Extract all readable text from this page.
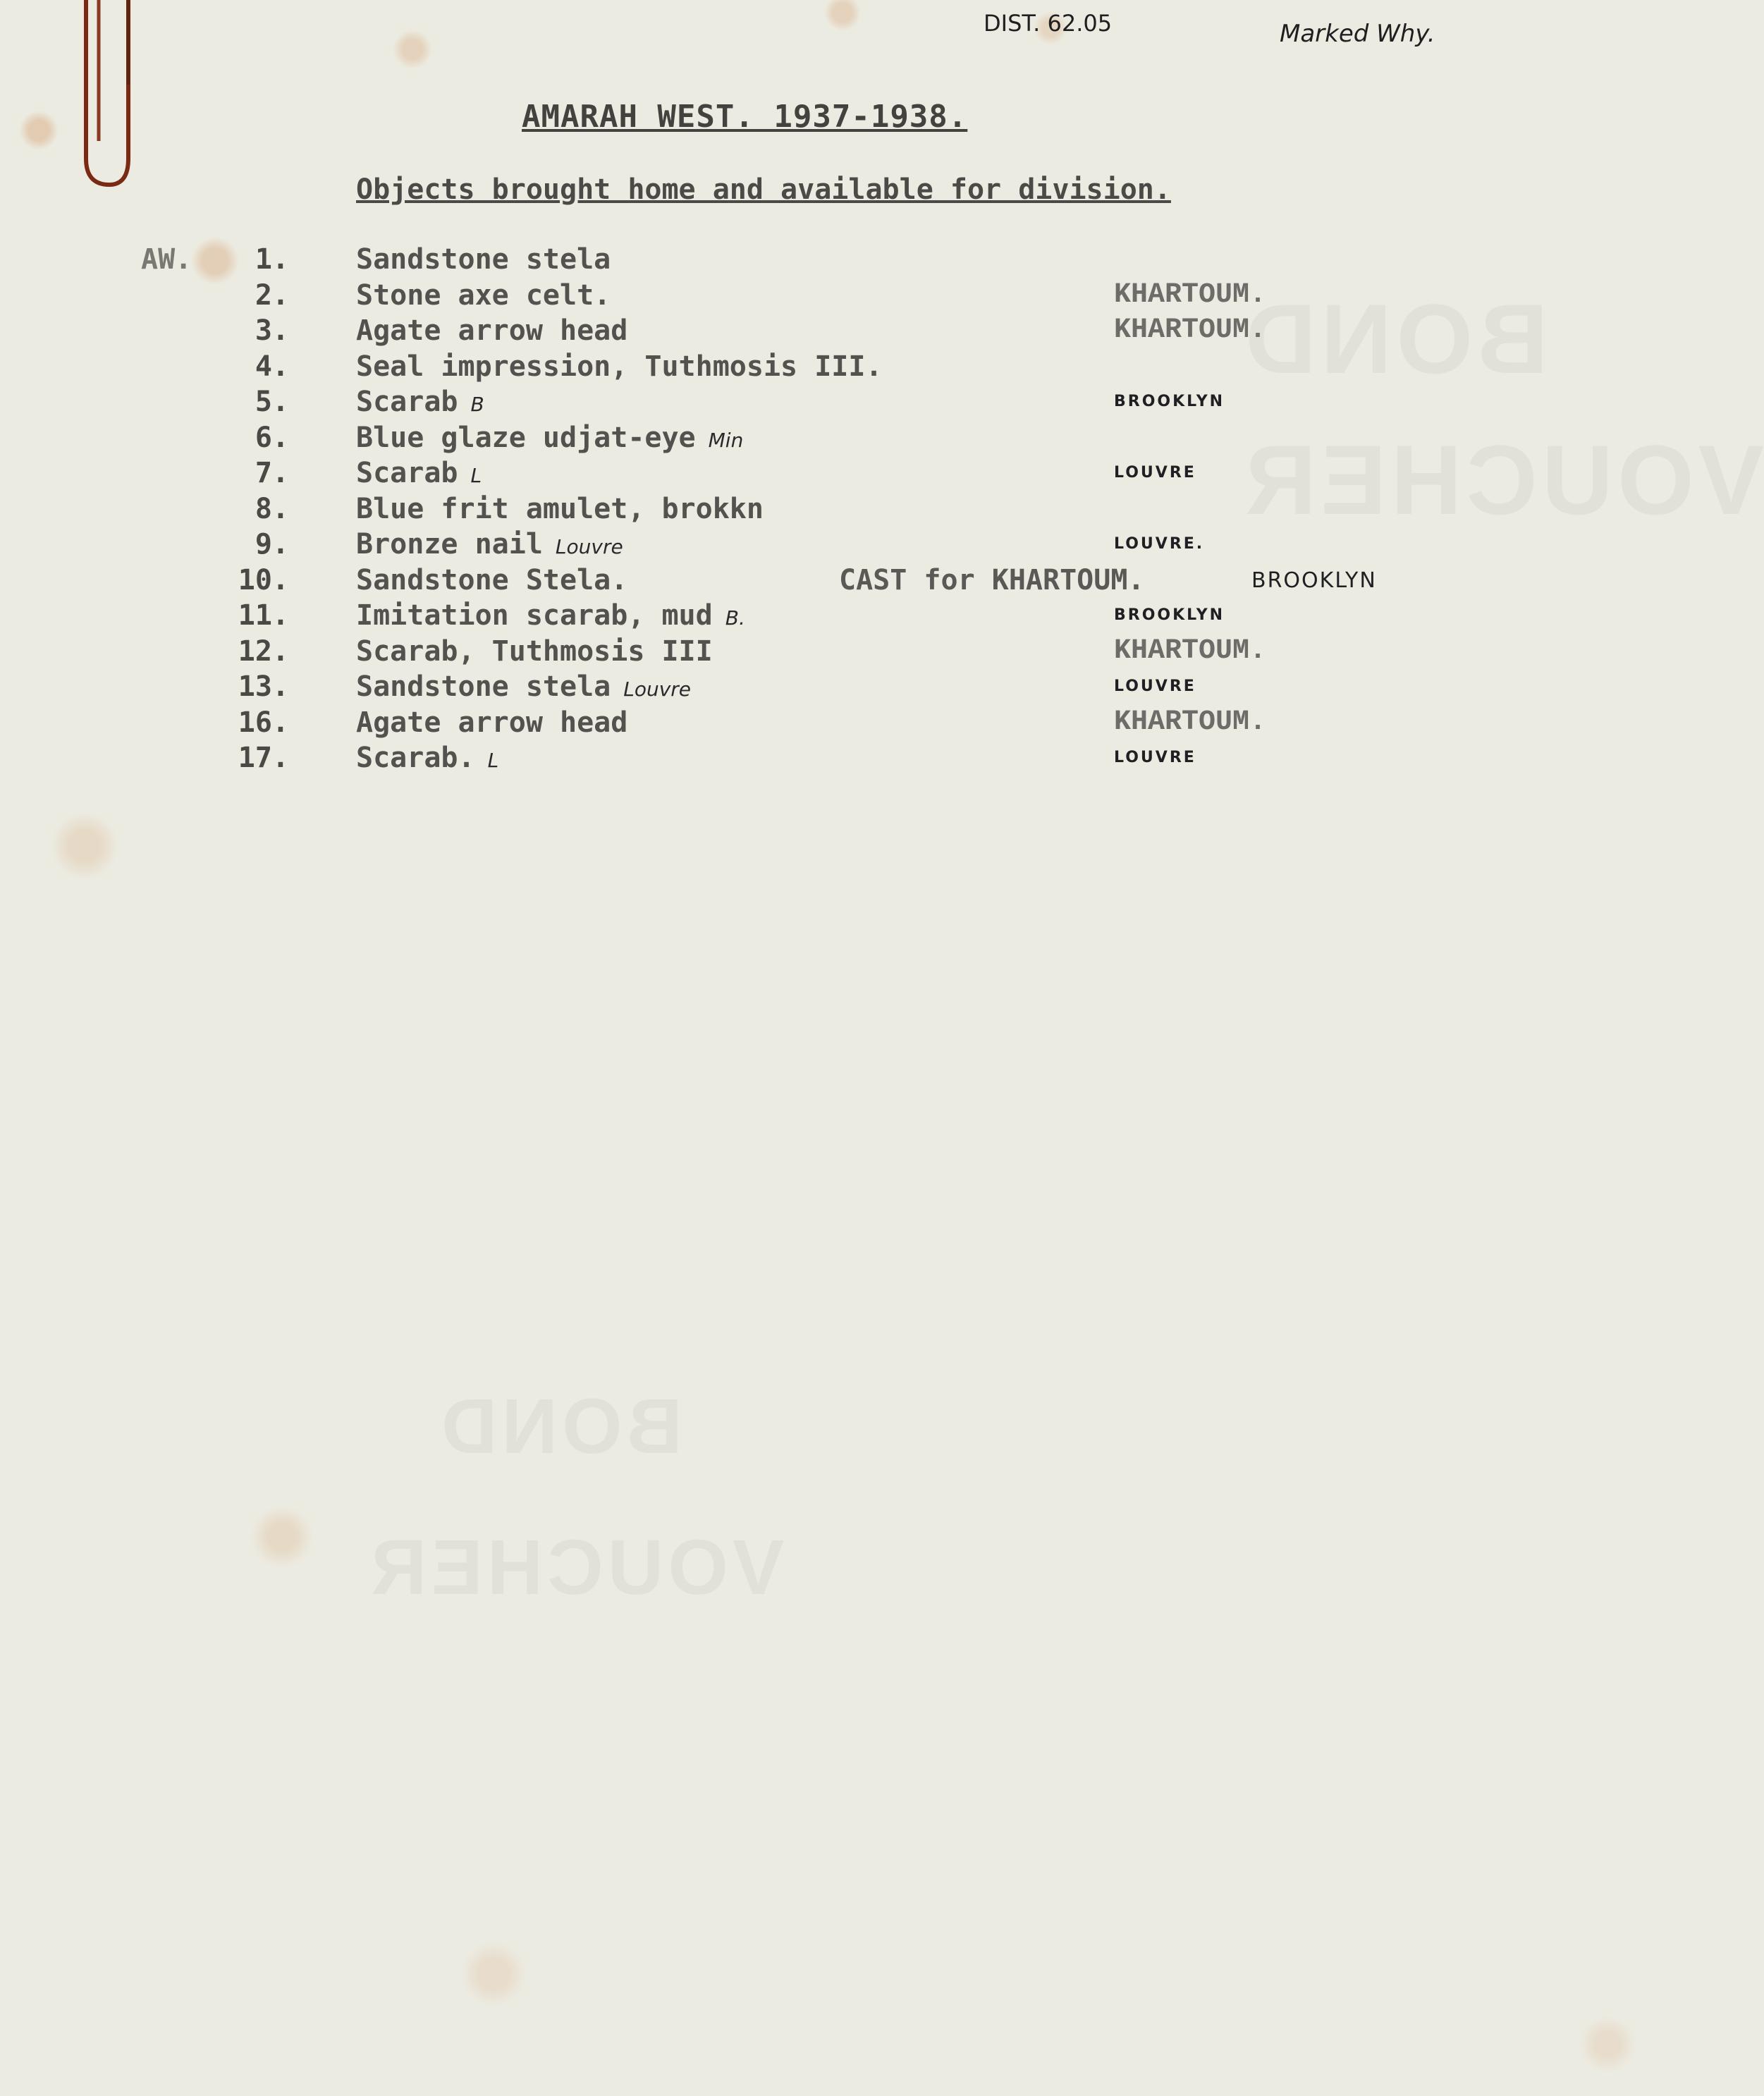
BOND
VOUCHER
BOND
VOUCHER
DIST. 62.05	Marked Why.
AMARAH WEST. 1937-1938.
Objects brought home and available for division.
AW.	1. Sandstone stela
2. Stone axe celt.	KHARTOUM.
3. Agate arrow head	KHARTOUM.
4. Seal impression, Tuthmosis III.
5. Scarab B	BROOKLYN
6. Blue glaze udjat-eye Min
7. Scarab L	LOUVRE
8. Blue frit amulet, brokkn
9. Bronze nail Louvre	LOUVRE.
10. Sandstone Stela.	CAST for KHARTOUM.	BROOKLYN
11. Imitation scarab, mud B.	BROOKLYN
12. Scarab, Tuthmosis III	KHARTOUM.
13. Sandstone stela Louvre	LOUVRE
16. Agate arrow head	KHARTOUM.
17. Scarab. L	LOUVRE
